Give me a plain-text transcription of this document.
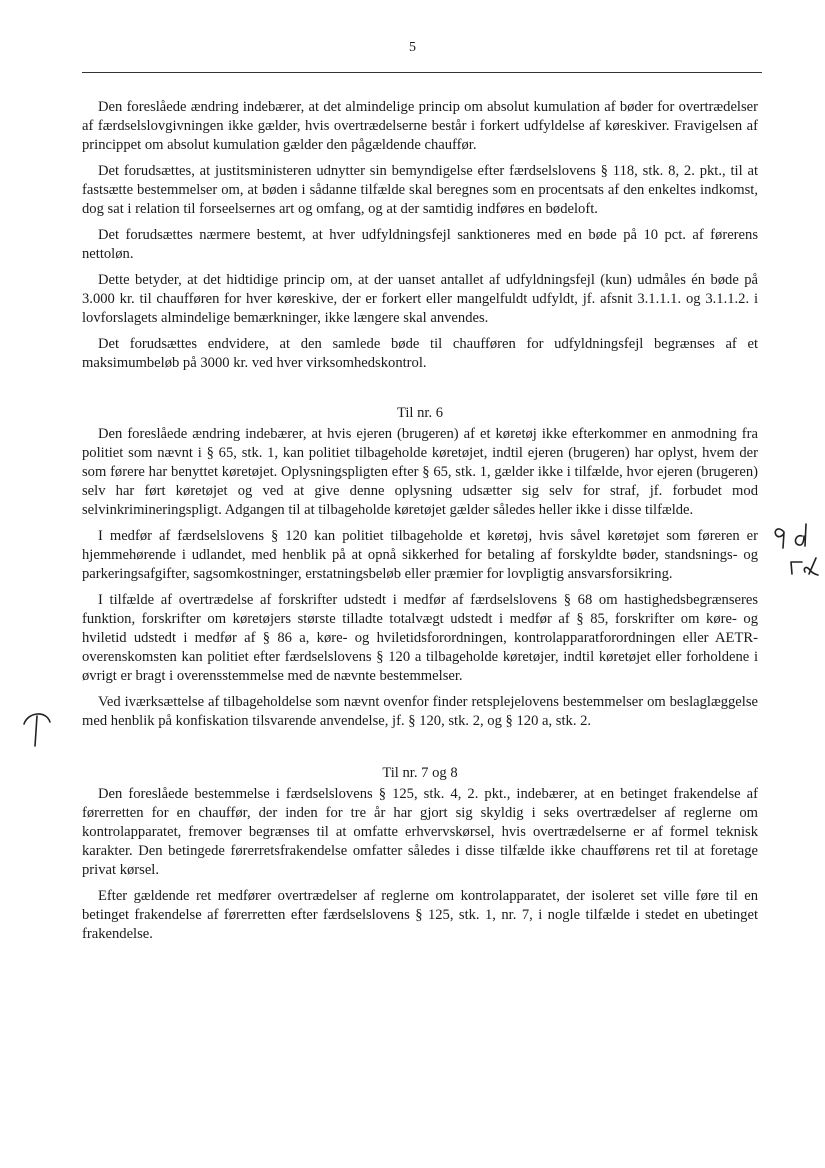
5

Den foreslåede ændring indebærer, at det almindelige princip om absolut kumulation af bøder for overtrædelser af færdselslovgivningen ikke gælder, hvis overtrædelserne består i forkert udfyldelse af køreskiver. Fravigelsen af princippet om absolut kumulation gælder den pågældende chauffør.

Det forudsættes, at justitsministeren udnytter sin bemyndigelse efter færdselslovens § 118, stk. 8, 2. pkt., til at fastsætte bestemmelser om, at bøden i sådanne tilfælde skal beregnes som en procentsats af den enkeltes indkomst, dog sat i relation til forseelsernes art og omfang, og at der samtidig indføres en bødeloft.

Det forudsættes nærmere bestemt, at hver udfyldningsfejl sanktioneres med en bøde på 10 pct. af førerens nettoløn.

Dette betyder, at det hidtidige princip om, at der uanset antallet af udfyldningsfejl (kun) udmåles én bøde på 3.000 kr. til chaufføren for hver køreskive, der er forkert eller mangelfuldt udfyldt, jf. afsnit 3.1.1.1. og 3.1.1.2. i lovforslagets almindelige bemærkninger, ikke længere skal anvendes.

Det forudsættes endvidere, at den samlede bøde til chaufføren for udfyldningsfejl begrænses af et maksimumbeløb på 3000 kr. ved hver virksomhedskontrol.

Til nr. 6

Den foreslåede ændring indebærer, at hvis ejeren (brugeren) af et køretøj ikke efterkommer en anmodning fra politiet som nævnt i § 65, stk. 1, kan politiet tilbageholde køretøjet, indtil ejeren (brugeren) har oplyst, hvem der som førere har benyttet køretøjet. Oplysningspligten efter § 65, stk. 1, gælder ikke i tilfælde, hvor ejeren (brugeren) selv har ført køretøjet og ved at give denne oplysning udsætter sig selv for straf, jf. forbudet mod selvinkrimineringspligt. Adgangen til at tilbageholde køretøjet gælder således heller ikke i disse tilfælde.

I medfør af færdselslovens § 120 kan politiet tilbageholde et køretøj, hvis såvel køretøjet som føreren er hjemmehørende i udlandet, med henblik på at opnå sikkerhed for betaling af forskyldte bøder, standsnings- og parkeringsafgifter, sagsomkostninger, erstatningsbeløb eller præmier for lovpligtig ansvarsforsikring.

I tilfælde af overtrædelse af forskrifter udstedt i medfør af færdselslovens § 68 om hastighedsbegrænseres funktion, forskrifter om køretøjers største tilladte totalvægt udstedt i medfør af § 85, forskrifter om køre- og hviletid udstedt i medfør af § 86 a, køre- og hviletidsforordningen, kontrolapparatforordningen eller AETR-overenskomsten kan politiet efter færdselslovens § 120 a tilbageholde køretøjer, indtil køretøjet eller forholdene i øvrigt er bragt i overensstemmelse med de nævnte bestemmelser.

Ved iværksættelse af tilbageholdelse som nævnt ovenfor finder retsplejelovens bestemmelser om beslaglæggelse med henblik på konfiskation tilsvarende anvendelse, jf. § 120, stk. 2, og § 120 a, stk. 2.

Til nr. 7 og 8

Den foreslåede bestemmelse i færdselslovens § 125, stk. 4, 2. pkt., indebærer, at en betinget frakendelse af førerretten for en chauffør, der inden for tre år har gjort sig skyldig i seks overtrædelser af reglerne om kontrolapparatet, fremover begrænses til at omfatte erhvervskørsel, hvis overtrædelserne er af formel teknisk karakter. Den betingede førerretsfrakendelse omfatter således i disse tilfælde ikke chaufførens ret til at foretage privat kørsel.

Efter gældende ret medfører overtrædelser af reglerne om kontrolapparatet, der isoleret set ville føre til en betinget frakendelse af førerretten efter færdselslovens § 125, stk. 1, nr. 7, i nogle tilfælde i stedet en ubetinget frakendelse.
